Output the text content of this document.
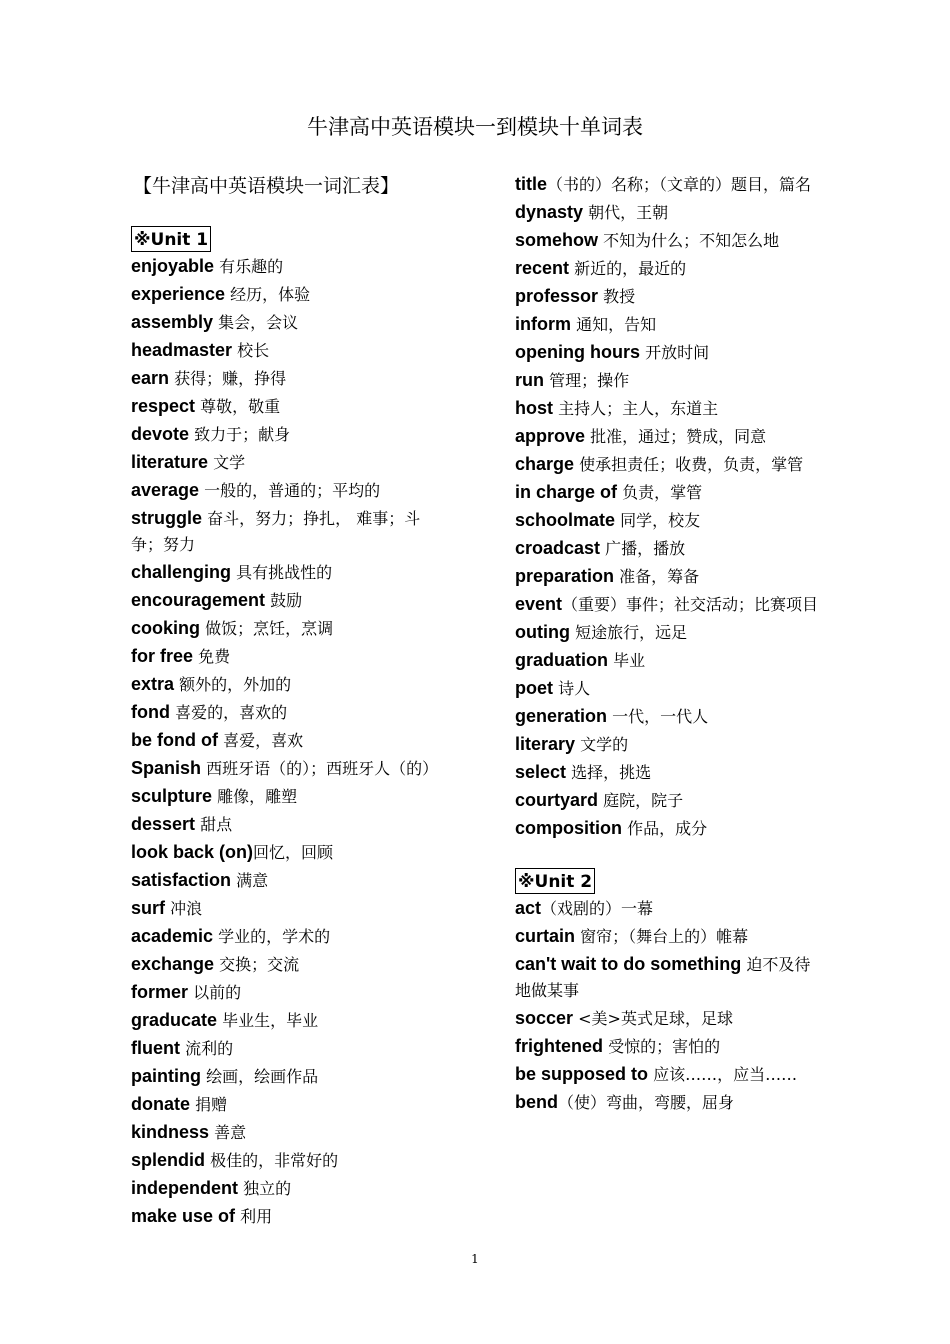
牛津高中英语模块一到模块十单词表
【牛津高中英语模块一词汇表】
※Unit 1
enjoyable 有乐趣的
experience 经历，体验
assembly 集会，会议
headmaster 校长
earn 获得；赚，挣得
respect 尊敬，敬重
devote 致力于；献身
literature 文学
average 一般的，普通的；平均的
struggle 奋斗，努力；挣扎， 难事；斗争；努力
challenging 具有挑战性的
encouragement 鼓励
cooking 做饭；烹饪，烹调
for free 免费
extra 额外的，外加的
fond 喜爱的，喜欢的
be fond of 喜爱，喜欢
Spanish 西班牙语（的）；西班牙人（的）
sculpture 雕像，雕塑
dessert 甜点
look back (on)回忆，回顾
satisfaction 满意
surf 冲浪
academic 学业的，学术的
exchange 交换；交流
former 以前的
graducate 毕业生，毕业
fluent 流利的
painting 绘画，绘画作品
donate 捐赠
kindness 善意
splendid 极佳的，非常好的
independent 独立的
make use of 利用
title（书的）名称；（文章的）题目，篇名
dynasty 朝代，王朝
somehow 不知为什么；不知怎么地
recent 新近的，最近的
professor 教授
inform 通知，告知
opening hours 开放时间
run 管理；操作
host 主持人；主人，东道主
approve 批准，通过；赞成，同意
charge 使承担责任；收费，负责，掌管
in charge of 负责，掌管
schoolmate 同学，校友
croadcast 广播，播放
preparation 准备，筹备
event（重要）事件；社交活动；比赛项目
outing 短途旅行，远足
graduation 毕业
poet 诗人
generation 一代，一代人
literary 文学的
select 选择，挑选
courtyard 庭院，院子
composition 作品，成分
※Unit 2
act（戏剧的）一幕
curtain 窗帘；（舞台上的）帷幕
can't wait to do something 迫不及待地做某事
soccer <美>英式足球，足球
frightened 受惊的；害怕的
be supposed to 应该……，应当……
bend（使）弯曲，弯腰，屈身
1
